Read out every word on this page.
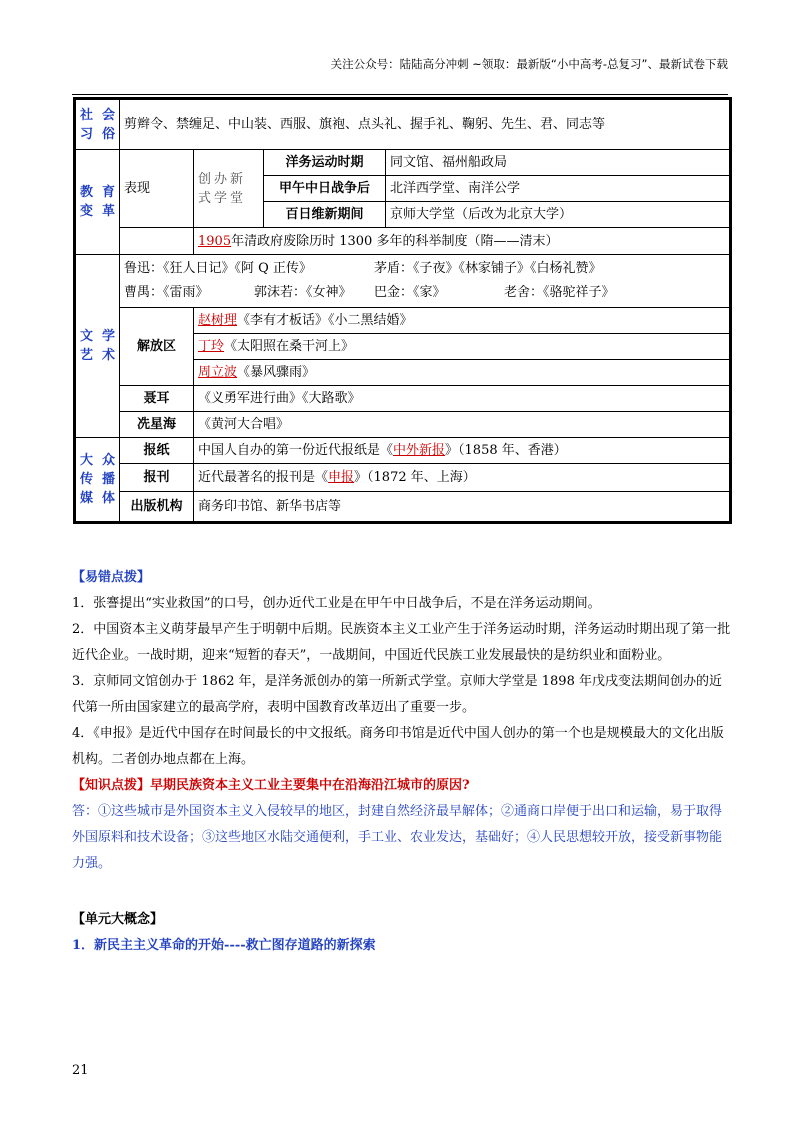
关注公众号：陆陆高分冲刺 ~领取：最新版“小中高考-总复习”、最新试卷下载
社会习俗	剪辫令、禁缠足、中山装、西服、旗袍、点头礼、握手礼、鞠躬、先生、君、同志等			
教育变革	表现	创办新式学堂	洋务运动时期	同文馆、福州船政局
			甲午中日战争后	北洋西学堂、南洋公学
			百日维新期间	京师大学堂（后改为北京大学）
		1905年清政府废除历时 1300 多年的科举制度（隋——清末）		
文学艺术	鲁迅：《狂人日记》《阿 Q 正传》 茅盾：《子夜》《林家铺子》《白杨礼赞》
曹禺：《雷雨》 郭沫若：《女神》 巴金：《家》 老舍：《骆驼祥子》			

	解放区	赵树理《李有才板话》《小二黑结婚》		
		丁玲《太阳照在桑干河上》		
		周立波《暴风骤雨》		
	聂耳	《义勇军进行曲》《大路歌》		
	冼星海	《黄河大合唱》		
大众传播媒体	报纸	中国人自办的第一份近代报纸是《中外新报》（1858 年、香港）		
	报刊	近代最著名的报刊是《申报》（1872 年、上海）		
	出版机构	商务印书馆、新华书店等		

【易错点拨】

1．张謇提出“实业救国”的口号，创办近代工业是在甲午中日战争后，不是在洋务运动期间。

2．中国资本主义萌芽最早产生于明朝中后期。民族资本主义工业产生于洋务运动时期，洋务运动时期出现了第一批近代企业。一战时期，迎来“短暂的春天”，一战期间，中国近代民族工业发展最快的是纺织业和面粉业。

3．京师同文馆创办于 1862 年，是洋务派创办的第一所新式学堂。京师大学堂是 1898 年戊戌变法期间创办的近代第一所由国家建立的最高学府，表明中国教育改革迈出了重要一步。

4．《申报》是近代中国存在时间最长的中文报纸。商务印书馆是近代中国人创办的第一个也是规模最大的文化出版机构。二者创办地点都在上海。

【知识点拨】早期民族资本主义工业主要集中在沿海沿江城市的原因?

答：①这些城市是外国资本主义入侵较早的地区，封建自然经济最早解体；②通商口岸便于出口和运输，易于取得外国原料和技术设备；③这些地区水陆交通便利，手工业、农业发达，基础好；④人民思想较开放，接受新事物能力强。

【单元大概念】

1．新民主主义革命的开始----救亡图存道路的新探索

21
